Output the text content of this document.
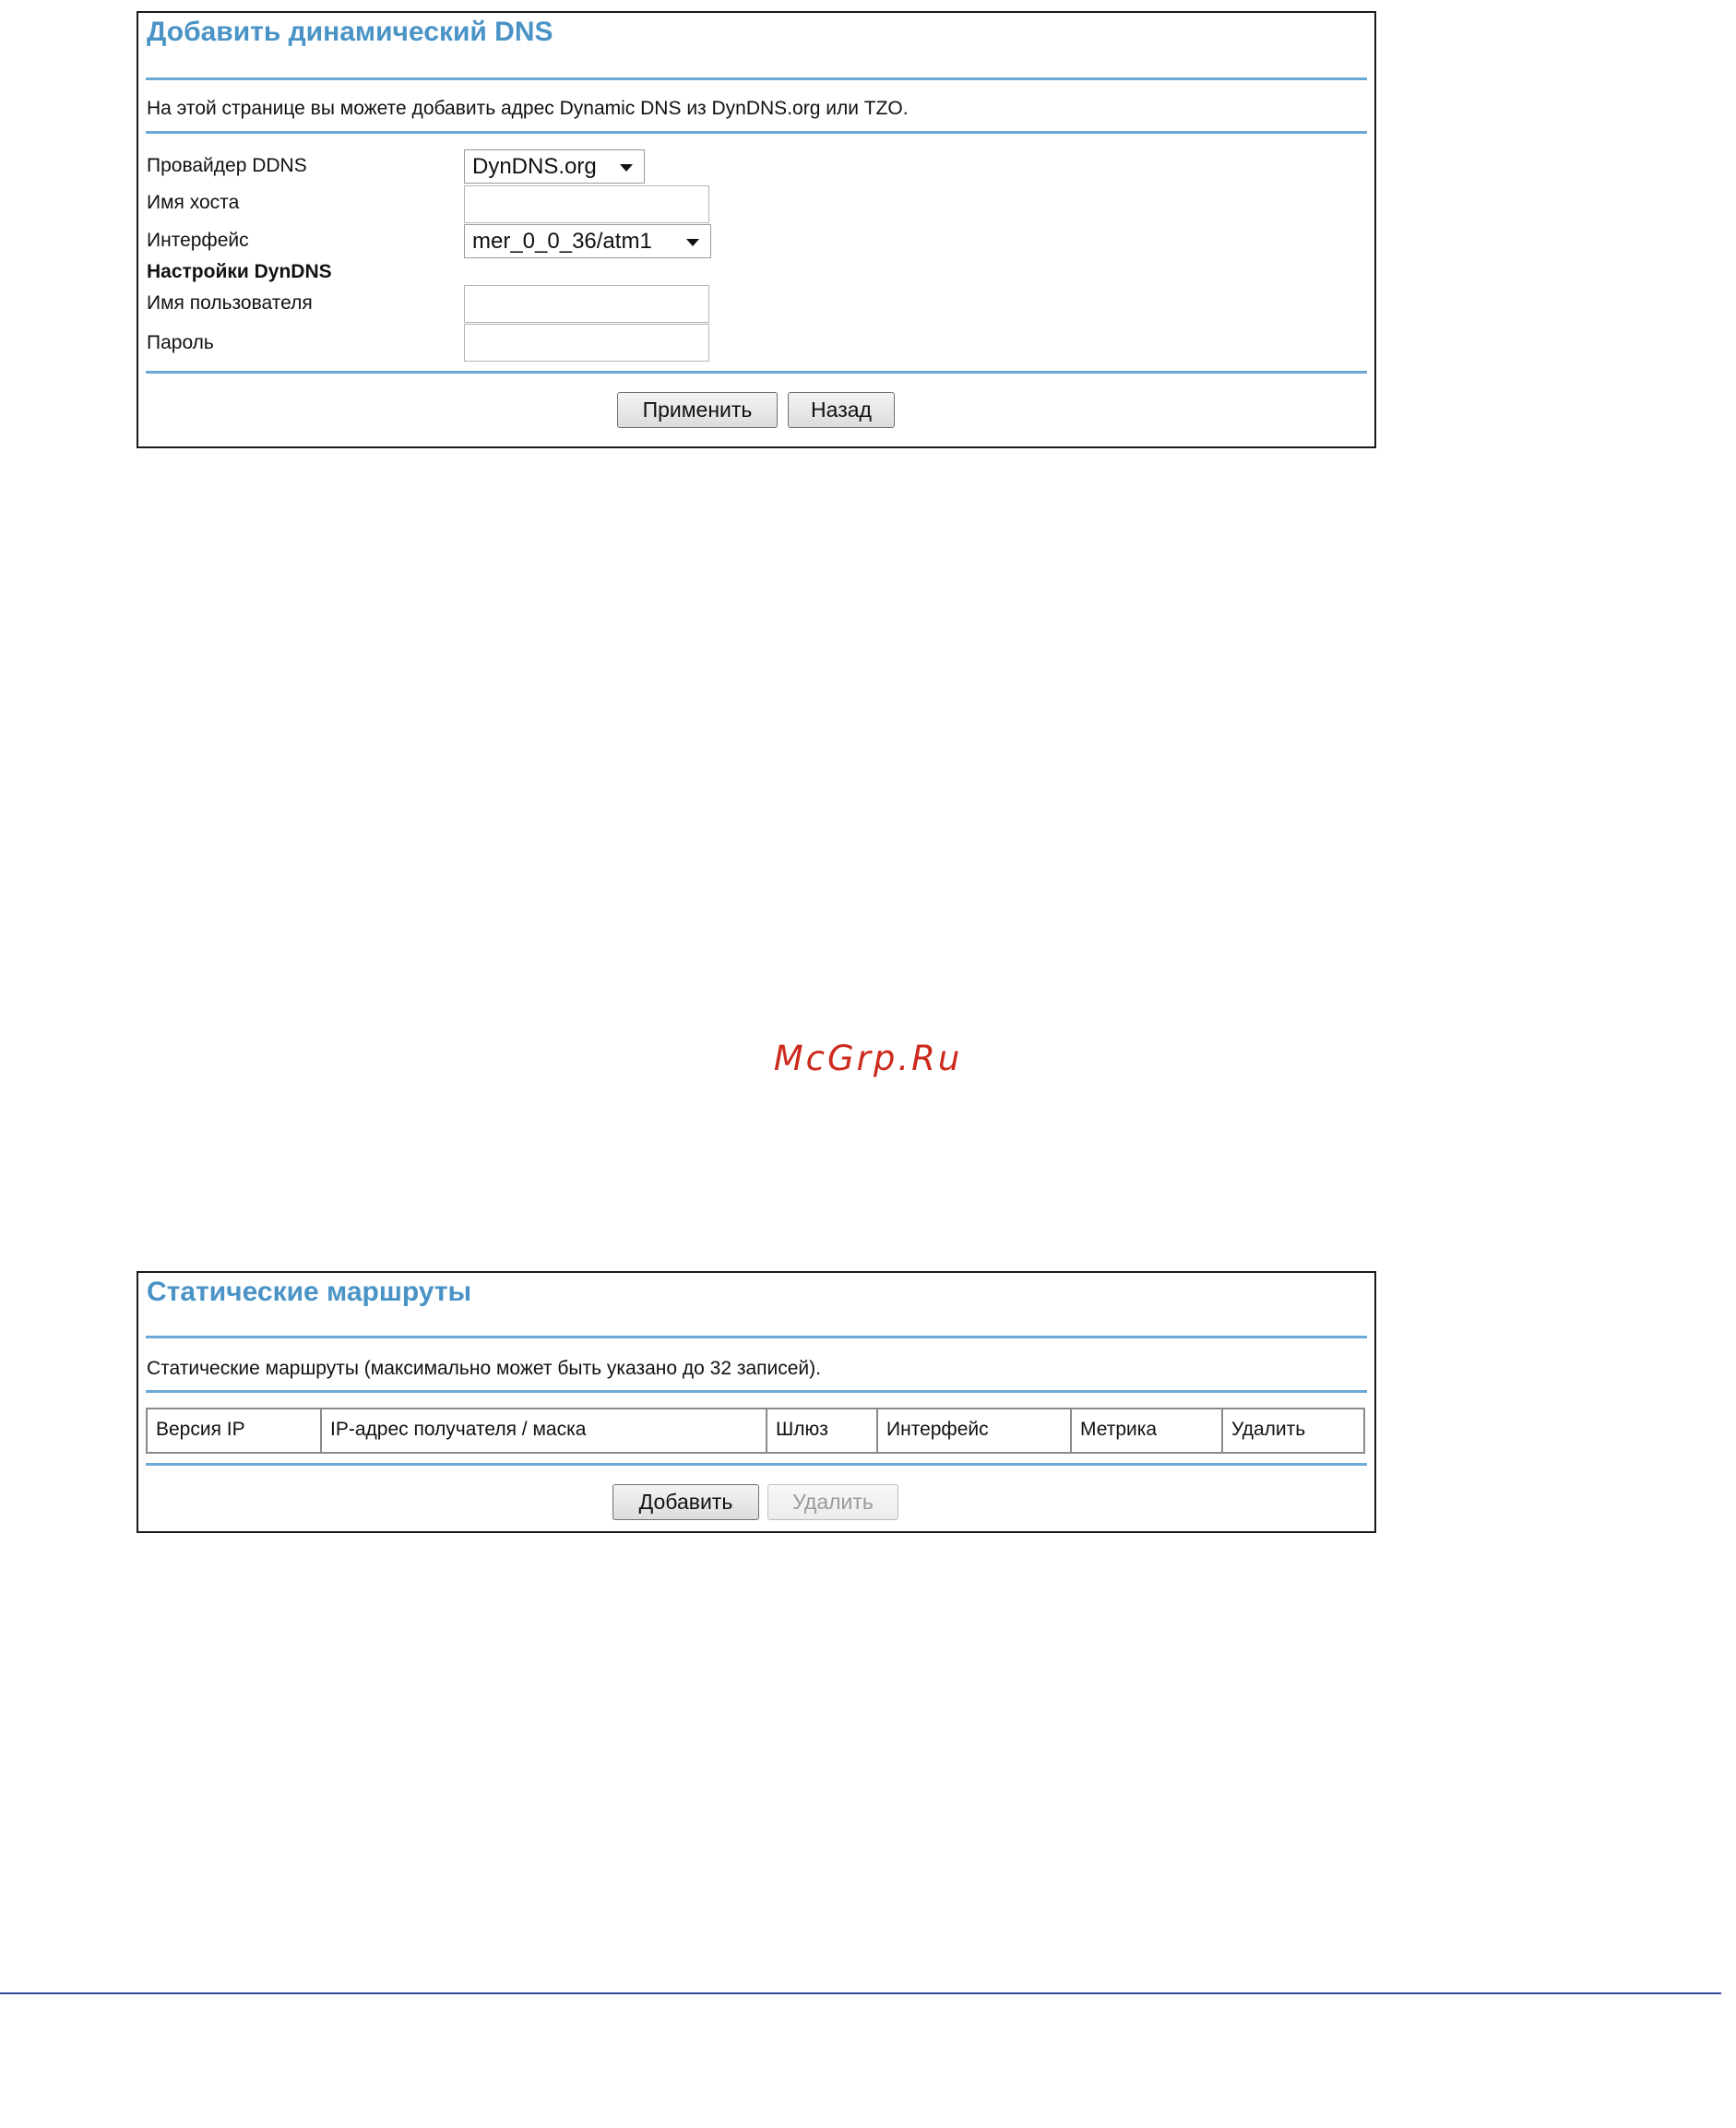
Добавить динамический DNS
На этой странице вы можете добавить адрес Dynamic DNS из DynDNS.org или TZO.
Провайдер DDNS	DynDNS.org
Имя хоста
Интерфейс	mer_0_0_36/atm1
Настройки DynDNS
Имя пользователя
Пароль
Применить	Назад
McGrp.Ru
Статические маршруты
Статические маршруты (максимально может быть указано до 32 записей).
Версия IP	IP-адрес получателя / маска	Шлюз	Интерфейс	Метрика	Удалить
Добавить	Удалить
